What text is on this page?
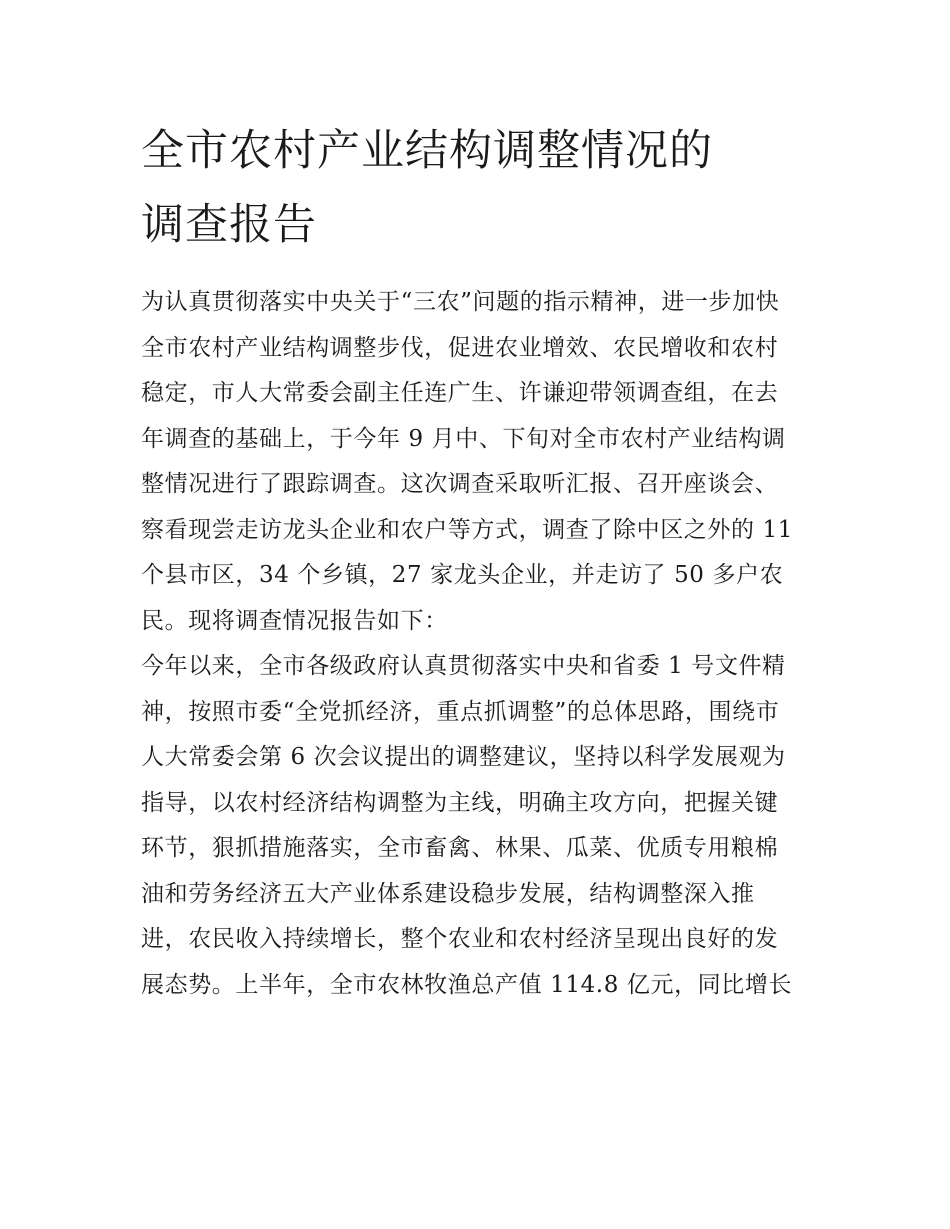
全市农村产业结构调整情况的
调查报告

为认真贯彻落实中央关于“三农”问题的指示精神，进一步加快
全市农村产业结构调整步伐，促进农业增效、农民增收和农村
稳定，市人大常委会副主任连广生、许谦迎带领调查组，在去
年调查的基础上，于今年 9 月中、下旬对全市农村产业结构调
整情况进行了跟踪调查。这次调查采取听汇报、召开座谈会、
察看现尝走访龙头企业和农户等方式，调查了除中区之外的 11
个县市区，34 个乡镇，27 家龙头企业，并走访了 50 多户农
民。现将调查情况报告如下：

今年以来，全市各级政府认真贯彻落实中央和省委 1 号文件精
神，按照市委“全党抓经济，重点抓调整”的总体思路，围绕市
人大常委会第 6 次会议提出的调整建议，坚持以科学发展观为
指导，以农村经济结构调整为主线，明确主攻方向，把握关键
环节，狠抓措施落实，全市畜禽、林果、瓜菜、优质专用粮棉
油和劳务经济五大产业体系建设稳步发展，结构调整深入推
进，农民收入持续增长，整个农业和农村经济呈现出良好的发
展态势。上半年，全市农林牧渔总产值 114.8 亿元，同比增长
